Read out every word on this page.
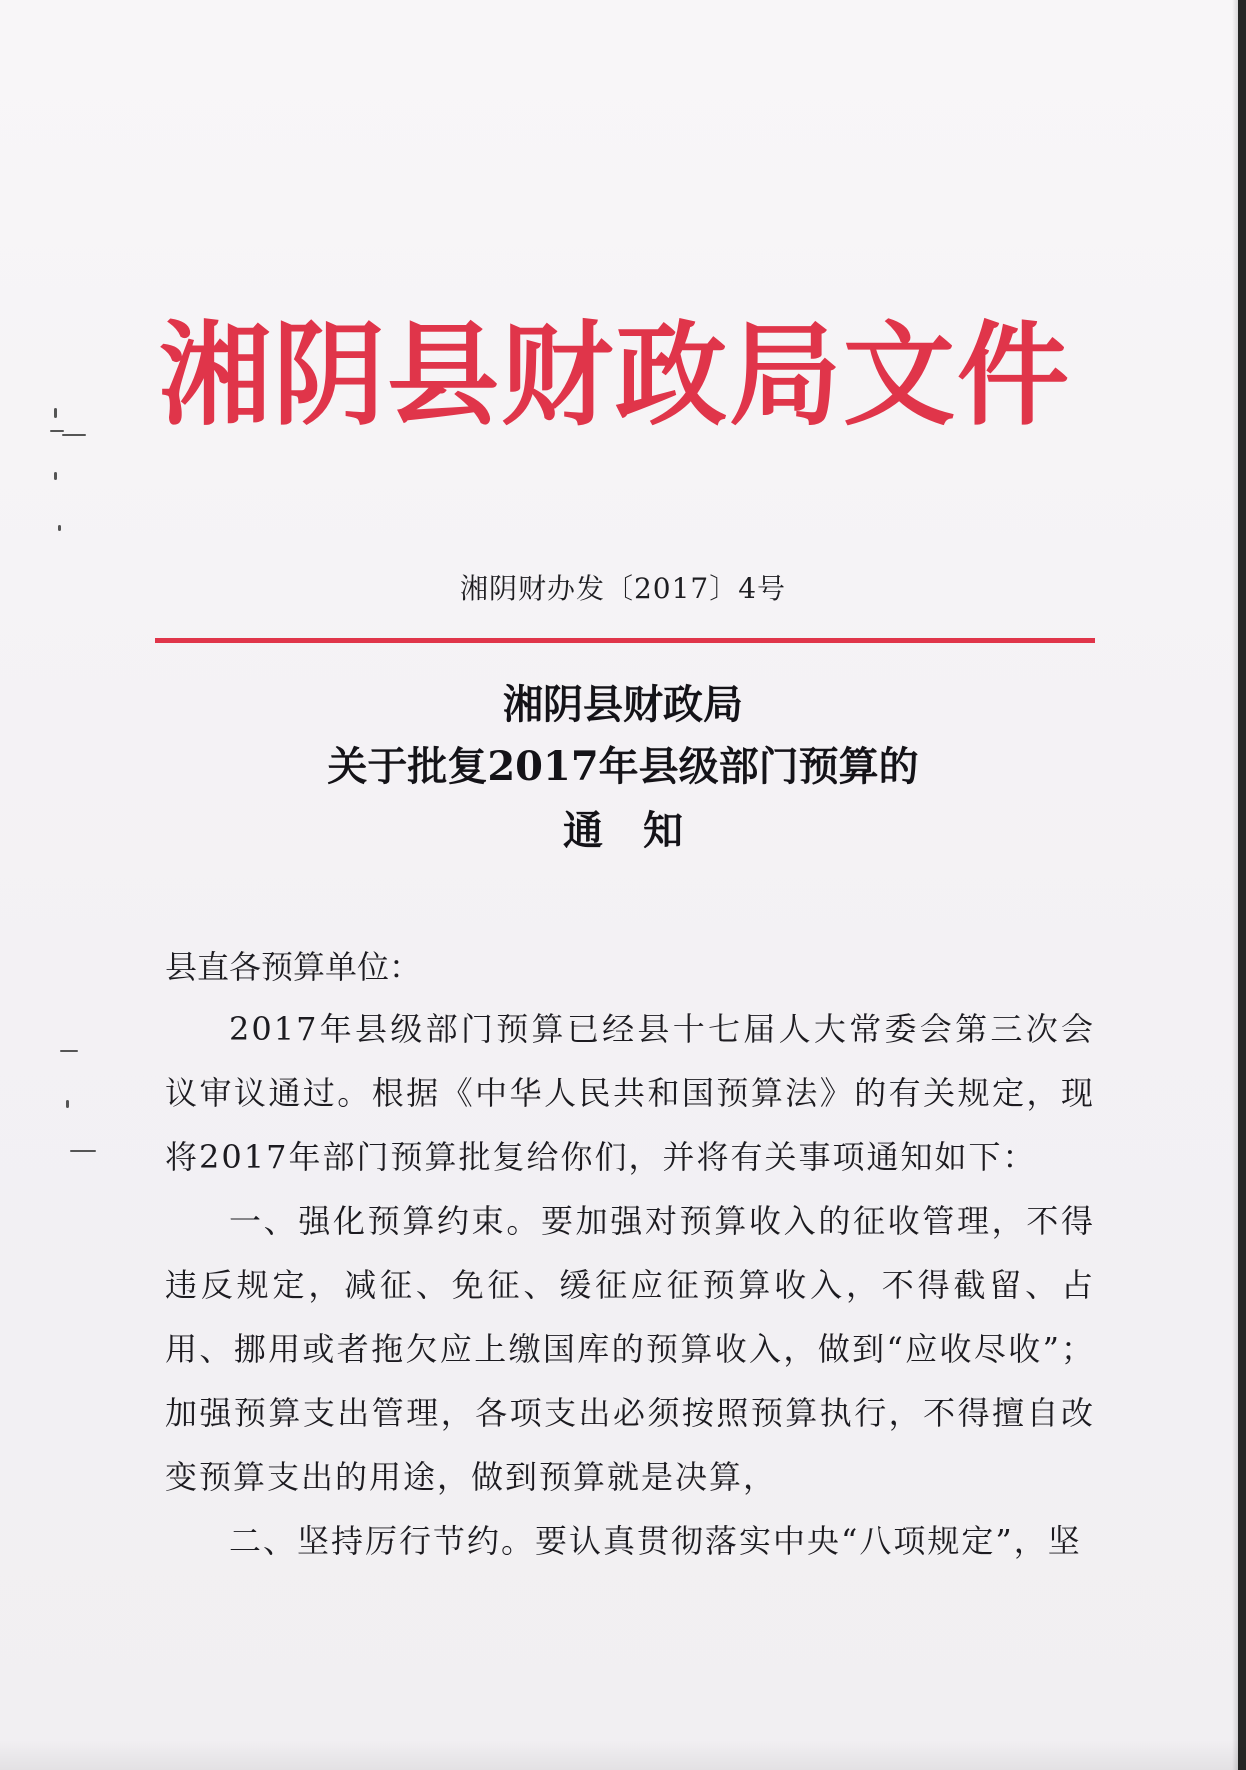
湘阴县财政局文件
湘阴财办发〔2017〕4号
湘阴县财政局
关于批复2017年县级部门预算的
通知
县直各预算单位：

2017年县级部门预算已经县十七届人大常委会第三次会议审议通过。根据《中华人民共和国预算法》的有关规定，现将2017年部门预算批复给你们，并将有关事项通知如下：

一、强化预算约束。要加强对预算收入的征收管理，不得违反规定，减征、免征、缓征应征预算收入，不得截留、占用、挪用或者拖欠应上缴国库的预算收入，做到“应收尽收”；加强预算支出管理，各项支出必须按照预算执行，不得擅自改变预算支出的用途，做到预算就是决算，

二、坚持厉行节约。要认真贯彻落实中央“八项规定”，坚
